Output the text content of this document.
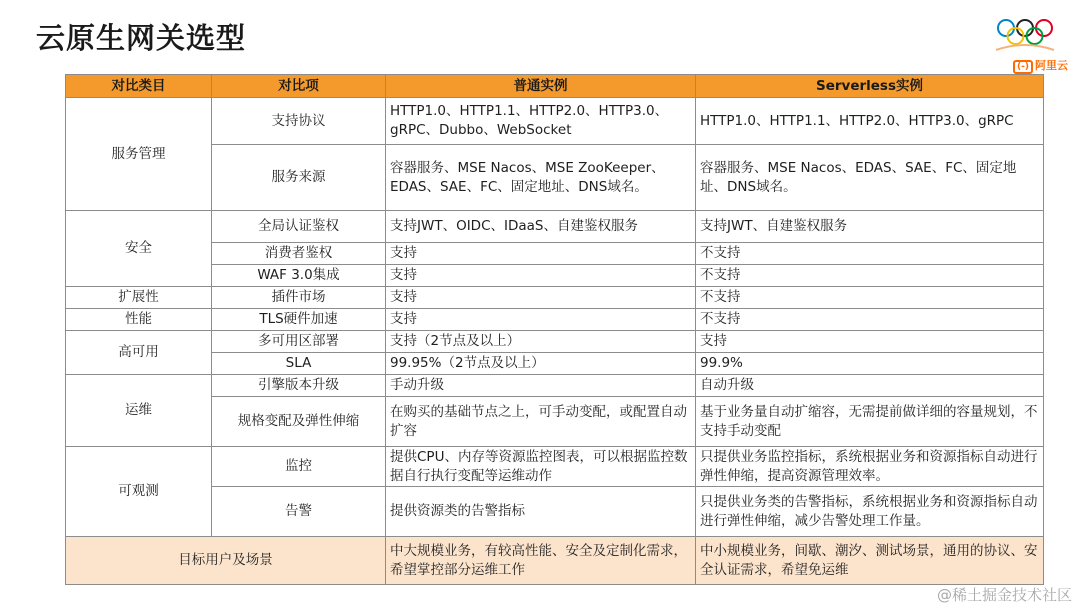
云原生网关选型
(-) 阿里云
对比类目	对比项	普通实例	Serverless实例
服务管理	支持协议	HTTP1.0、HTTP1.1、HTTP2.0、HTTP3.0、gRPC、Dubbo、WebSocket	HTTP1.0、HTTP1.1、HTTP2.0、HTTP3.0、gRPC
	服务来源	容器服务、MSE Nacos、MSE ZooKeeper、EDAS、SAE、FC、固定地址、DNS域名。	容器服务、MSE Nacos、EDAS、SAE、FC、固定地址、DNS域名。
安全	全局认证鉴权	支持JWT、OIDC、IDaaS、自建鉴权服务	支持JWT、自建鉴权服务
	消费者鉴权	支持	不支持
	WAF 3.0集成	支持	不支持
扩展性	插件市场	支持	不支持
性能	TLS硬件加速	支持	不支持
高可用	多可用区部署	支持（2节点及以上）	支持
	SLA	99.95%（2节点及以上）	99.9%
运维	引擎版本升级	手动升级	自动升级
	规格变配及弹性伸缩	在购买的基础节点之上，可手动变配，或配置自动扩容	基于业务量自动扩缩容，无需提前做详细的容量规划，不支持手动变配
可观测	监控	提供CPU、内存等资源监控图表，可以根据监控数据自行执行变配等运维动作	只提供业务监控指标，系统根据业务和资源指标自动进行弹性伸缩，提高资源管理效率。
	告警	提供资源类的告警指标	只提供业务类的告警指标，系统根据业务和资源指标自动进行弹性伸缩，减少告警处理工作量。
目标用户及场景		中大规模业务，有较高性能、安全及定制化需求，希望掌控部分运维工作	中小规模业务，间歇、潮汐、测试场景，通用的协议、安全认证需求，希望免运维
@稀土掘金技术社区
